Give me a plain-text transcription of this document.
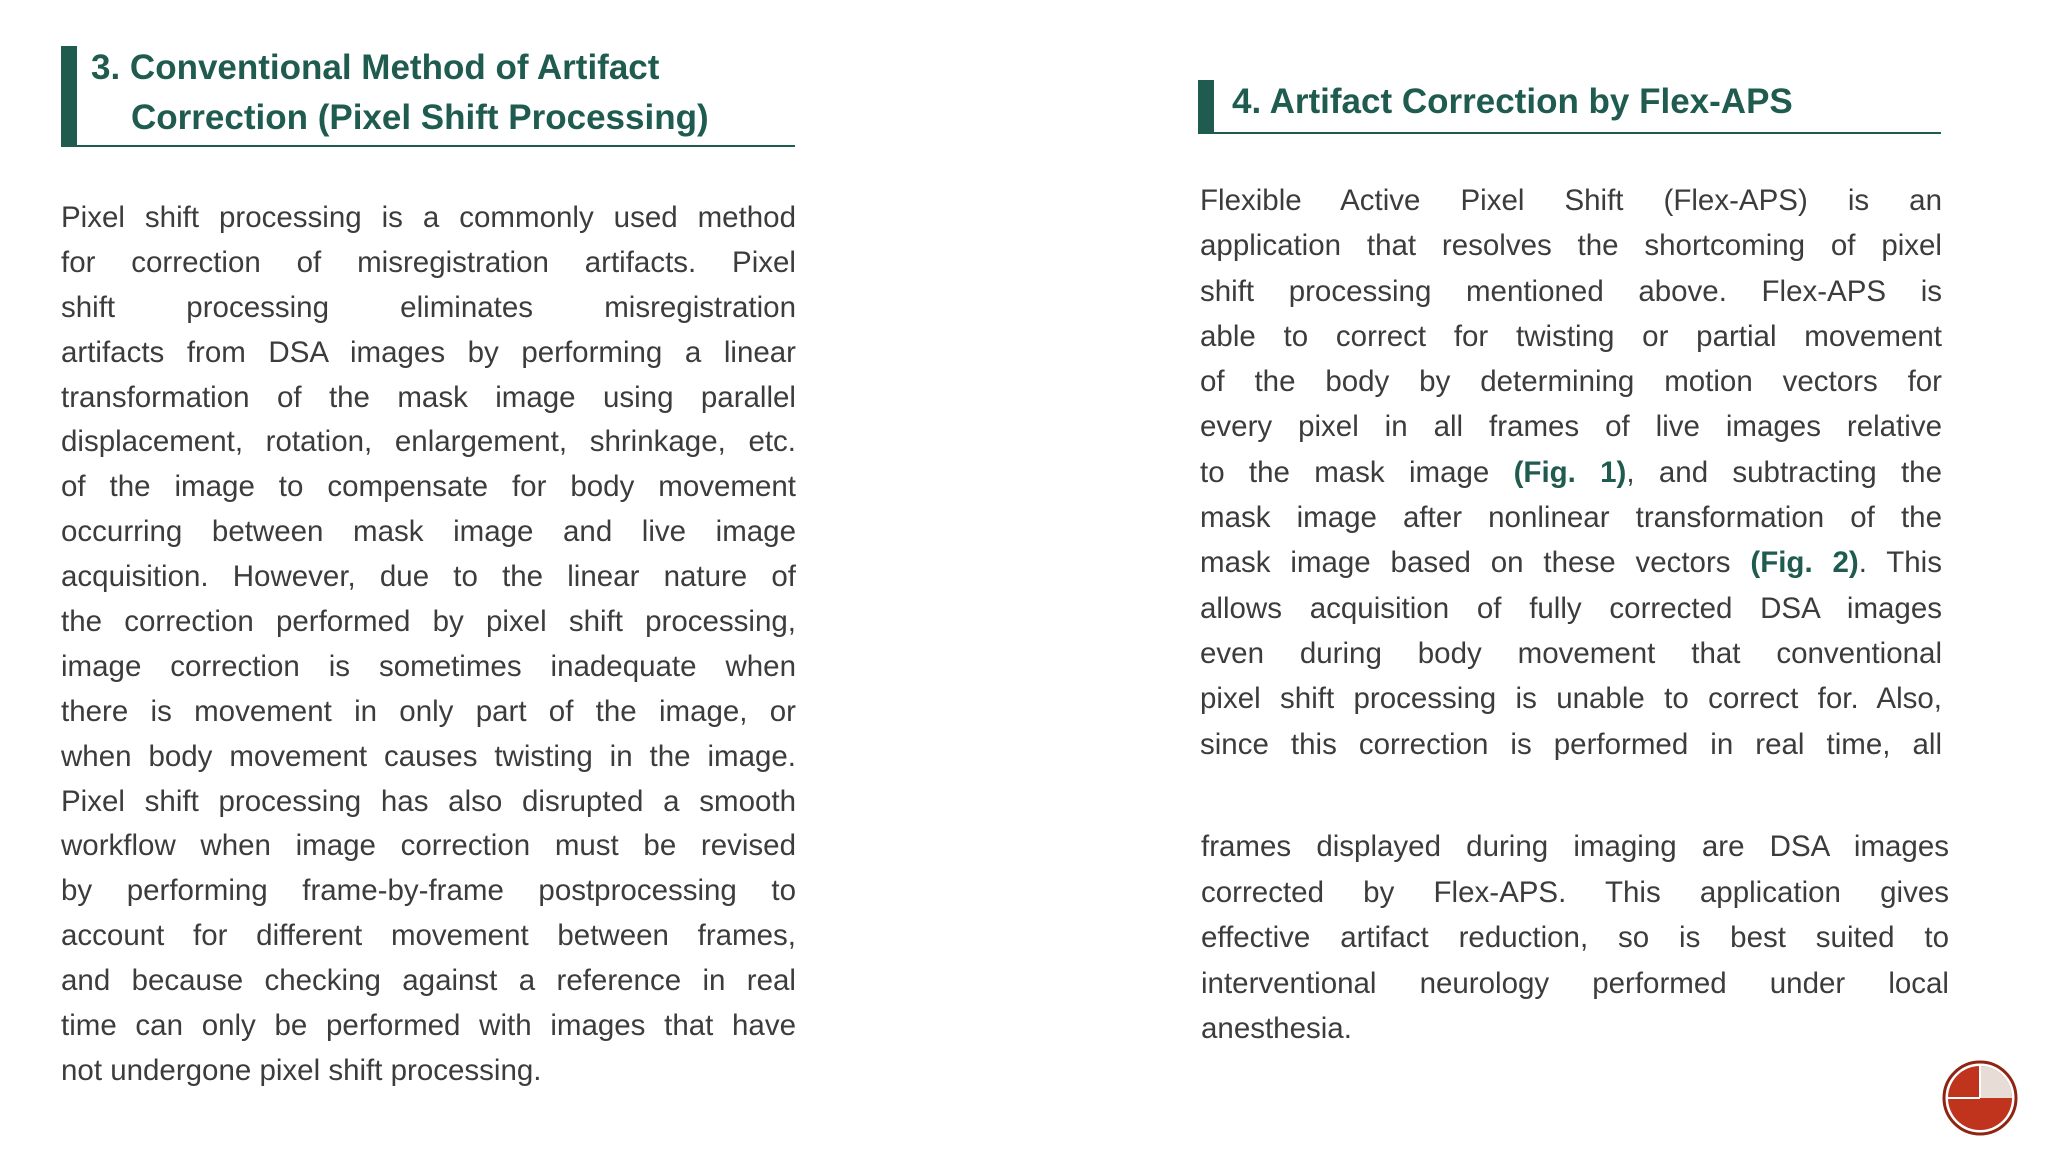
3. Conventional Method of Artifact
Correction (Pixel Shift Processing)
Pixel shift processing is a commonly used method
for correction of misregistration artifacts. Pixel
shift processing eliminates misregistration
artifacts from DSA images by performing a linear
transformation of the mask image using parallel
displacement, rotation, enlargement, shrinkage, etc.
of the image to compensate for body movement
occurring between mask image and live image
acquisition. However, due to the linear nature of
the correction performed by pixel shift processing,
image correction is sometimes inadequate when
there is movement in only part of the image, or
when body movement causes twisting in the image.
Pixel shift processing has also disrupted a smooth
workflow when image correction must be revised
by performing frame-by-frame postprocessing to
account for different movement between frames,
and because checking against a reference in real
time can only be performed with images that have
not undergone pixel shift processing.
4. Artifact Correction by Flex-APS
Flexible Active Pixel Shift (Flex-APS) is an
application that resolves the shortcoming of pixel
shift processing mentioned above. Flex-APS is
able to correct for twisting or partial movement
of the body by determining motion vectors for
every pixel in all frames of live images relative
to the mask image (Fig. 1), and subtracting the
mask image after nonlinear transformation of the
mask image based on these vectors (Fig. 2). This
allows acquisition of fully corrected DSA images
even during body movement that conventional
pixel shift processing is unable to correct for. Also,
since this correction is performed in real time, all
frames displayed during imaging are DSA images
corrected by Flex-APS. This application gives
effective artifact reduction, so is best suited to
interventional neurology performed under local
anesthesia.
